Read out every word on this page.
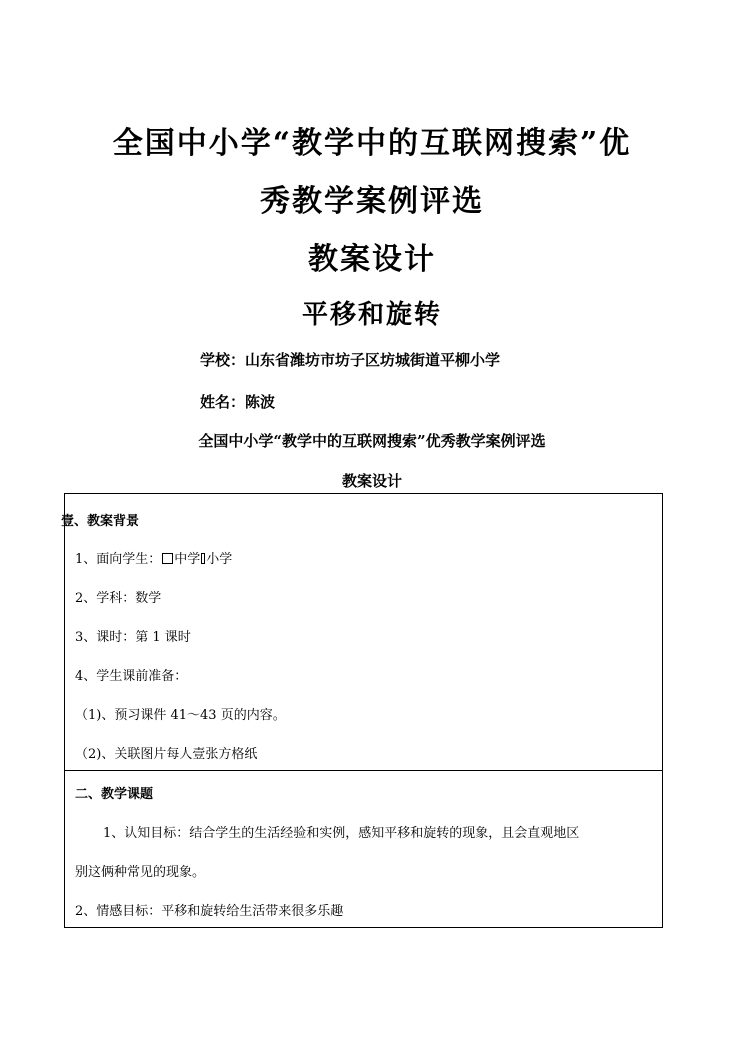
全国中小学“教学中的互联网搜索”优
秀教学案例评选
教案设计
平移和旋转
学校：山东省潍坊市坊子区坊城街道平柳小学
姓名：陈波
全国中小学“教学中的互联网搜索”优秀教学案例评选
教案设计
壹、教案背景
1、面向学生： 中学 小学
2、学科：数学
3、课时：第 1 课时
4、学生课前准备：
（1)、预习课件 41～43 页的内容。
（2)、关联图片每人壹张方格纸
二、教学课题
1、认知目标：结合学生的生活经验和实例，感知平移和旋转的现象，且会直观地区
别这俩种常见的现象。
2、情感目标：平移和旋转给生活带来很多乐趣
